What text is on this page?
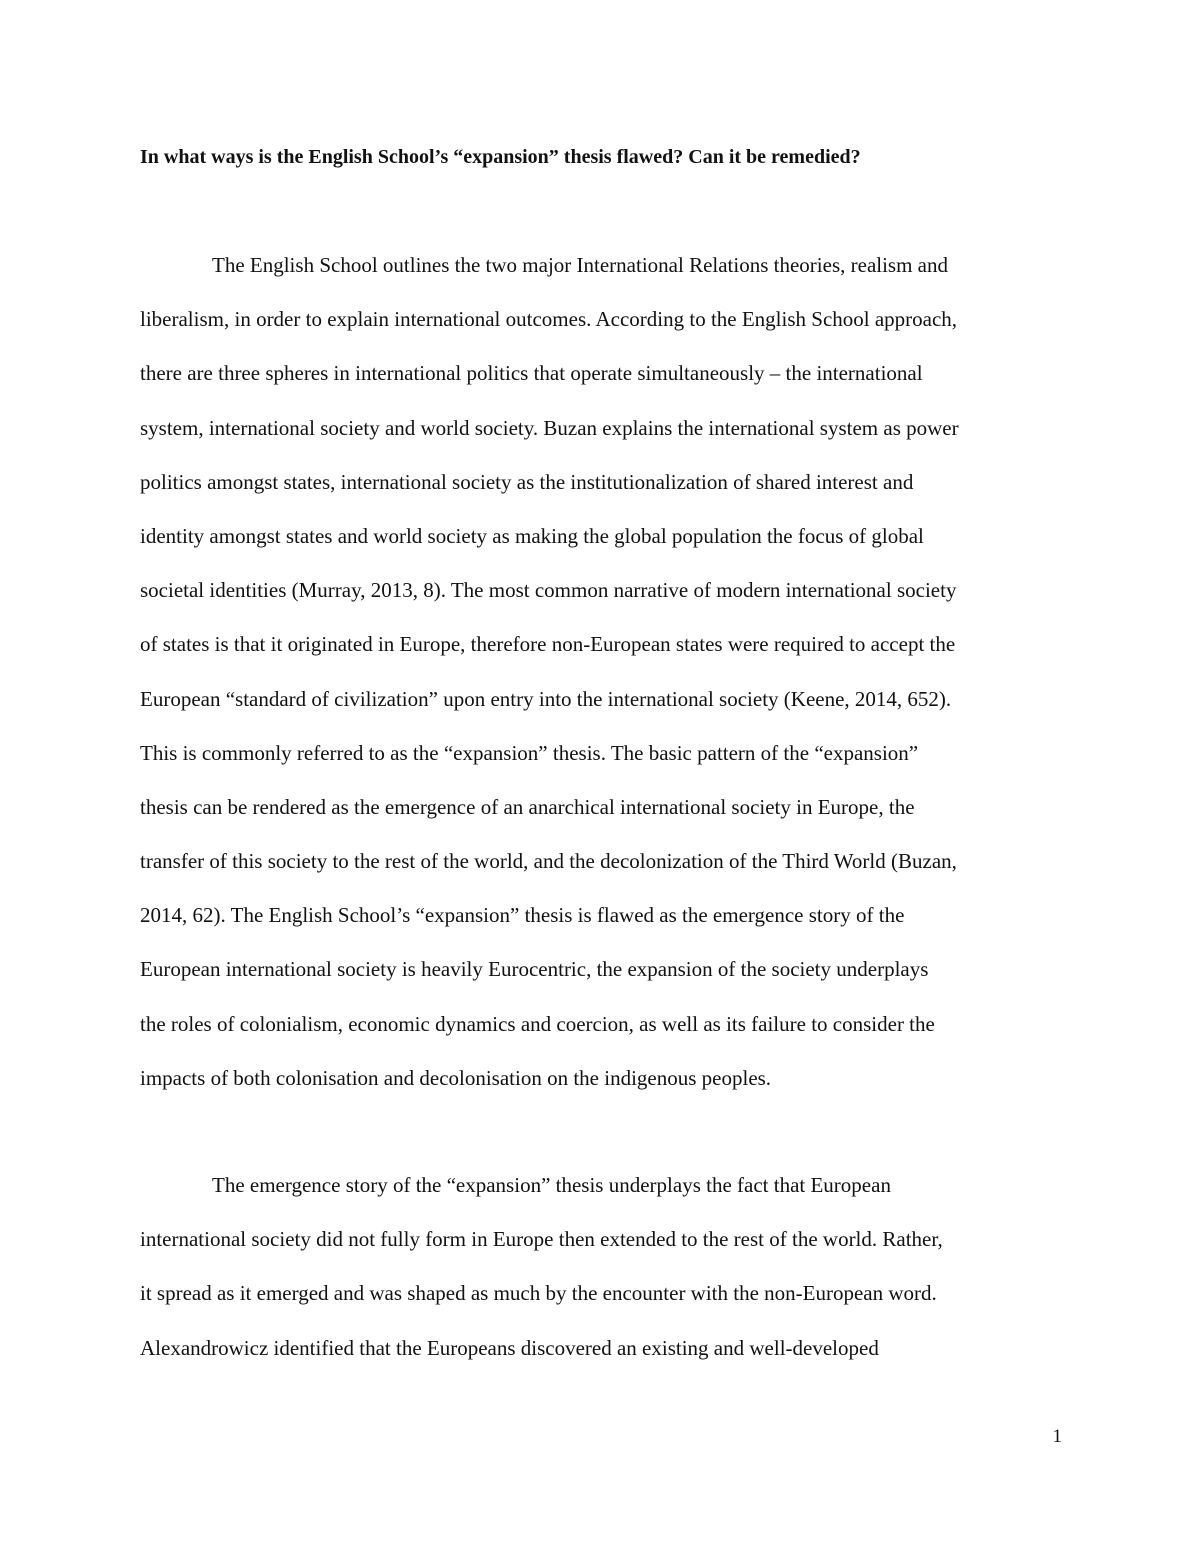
In what ways is the English School’s “expansion” thesis flawed? Can it be remedied?
The English School outlines the two major International Relations theories, realism and
liberalism, in order to explain international outcomes. According to the English School approach,
there are three spheres in international politics that operate simultaneously – the international
system, international society and world society. Buzan explains the international system as power
politics amongst states, international society as the institutionalization of shared interest and
identity amongst states and world society as making the global population the focus of global
societal identities (Murray, 2013, 8). The most common narrative of modern international society
of states is that it originated in Europe, therefore non-European states were required to accept the
European “standard of civilization” upon entry into the international society (Keene, 2014, 652).
This is commonly referred to as the “expansion” thesis. The basic pattern of the “expansion”
thesis can be rendered as the emergence of an anarchical international society in Europe, the
transfer of this society to the rest of the world, and the decolonization of the Third World (Buzan,
2014, 62). The English School’s “expansion” thesis is flawed as the emergence story of the
European international society is heavily Eurocentric, the expansion of the society underplays
the roles of colonialism, economic dynamics and coercion, as well as its failure to consider the
impacts of both colonisation and decolonisation on the indigenous peoples.
The emergence story of the “expansion” thesis underplays the fact that European
international society did not fully form in Europe then extended to the rest of the world. Rather,
it spread as it emerged and was shaped as much by the encounter with the non-European word.
Alexandrowicz identified that the Europeans discovered an existing and well-developed
1
